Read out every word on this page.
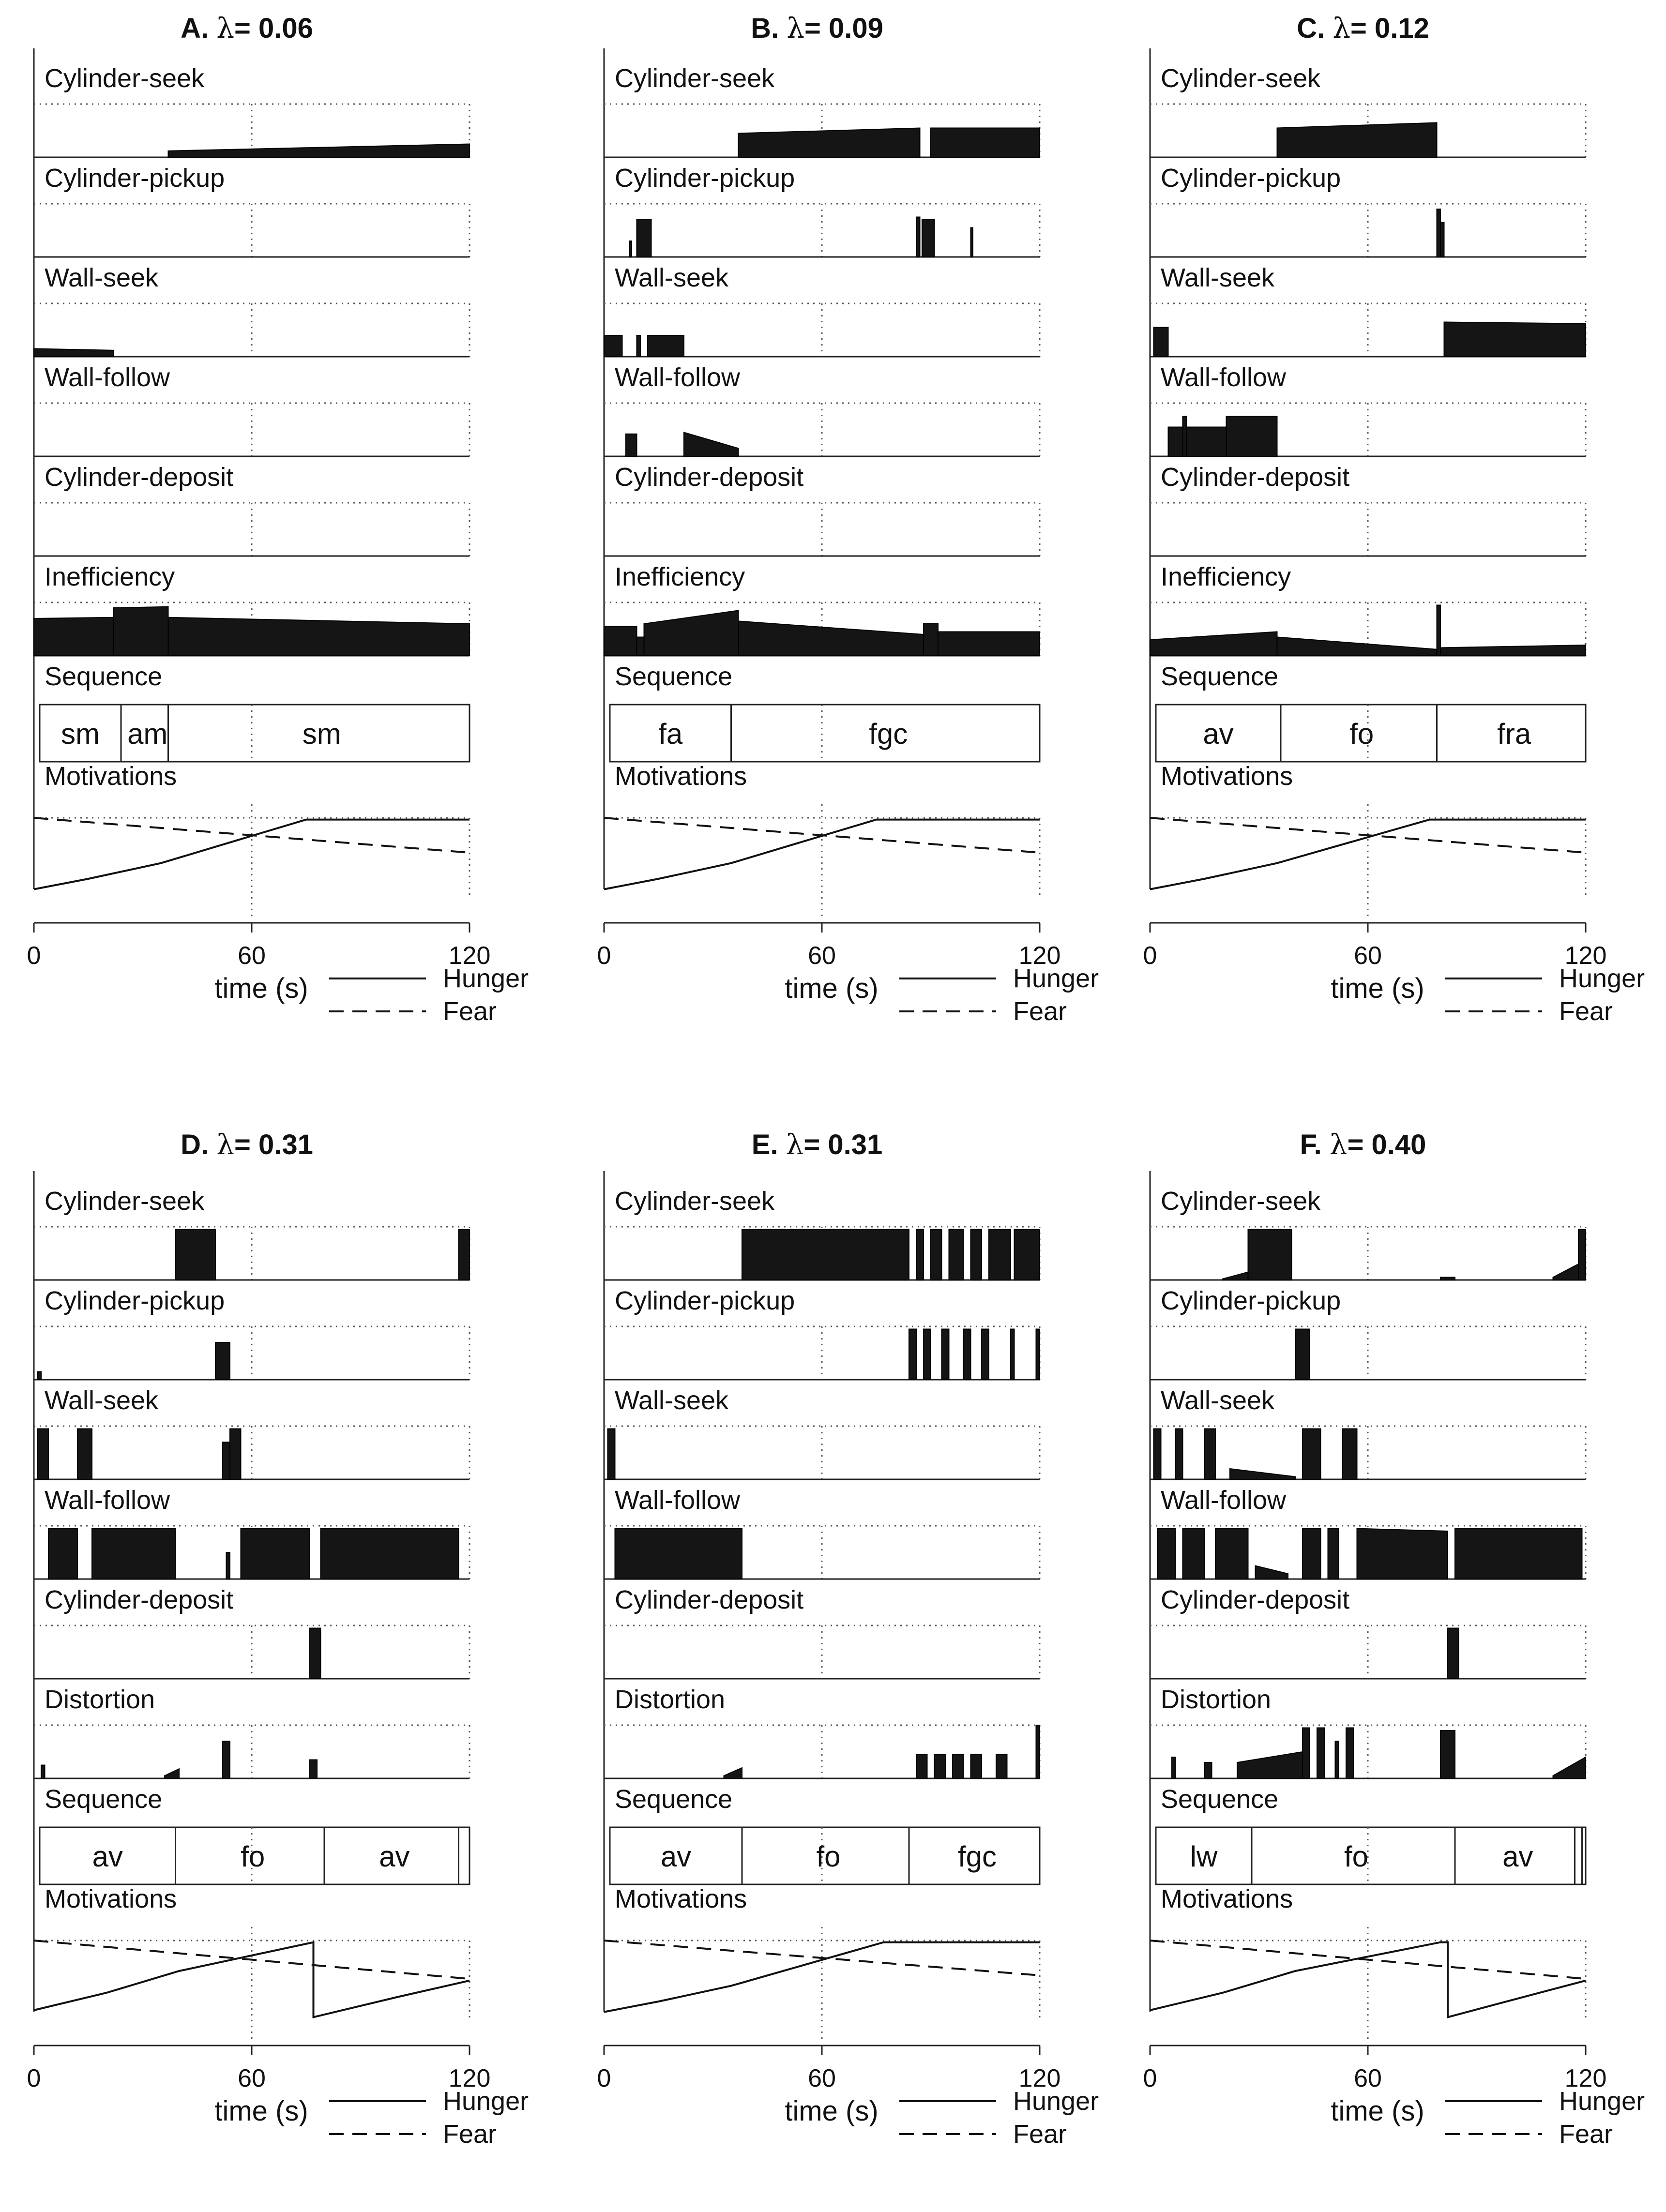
A. λ= 0.06
Cylinder-seek
Cylinder-pickup
Wall-seek
Wall-follow
Cylinder-deposit
Inefficiency
Sequence
sm am	sm
Motivations
0	60	120
time (s)	Hunger
Fear
B. λ= 0.09
Cylinder-seek
Cylinder-pickup
Wall-seek
Wall-follow
Cylinder-deposit
Inefficiency
Sequence
fa	fgc
Motivations
0	60	120
time (s)	Hunger
Fear
C. λ= 0.12
Cylinder-seek
Cylinder-pickup
Wall-seek
Wall-follow
Cylinder-deposit
Inefficiency
Sequence
av	fo	fra
Motivations
0	60	120
time (s)	Hunger
Fear
D. λ= 0.31
Cylinder-seek
Cylinder-pickup
Wall-seek
Wall-follow
Cylinder-deposit
Distortion
Sequence
av	fo	av
Motivations
0	60	120
time (s)	Hunger
Fear
E. λ= 0.31
Cylinder-seek
Cylinder-pickup
Wall-seek
Wall-follow
Cylinder-deposit
Distortion
Sequence
av	fo	fgc
Motivations
0	60	120
time (s)	Hunger
Fear
F. λ= 0.40
Cylinder-seek
Cylinder-pickup
Wall-seek
Wall-follow
Cylinder-deposit
Distortion
Sequence
lw	fo	av
Motivations
0	60	120
time (s)	Hunger
Fear
